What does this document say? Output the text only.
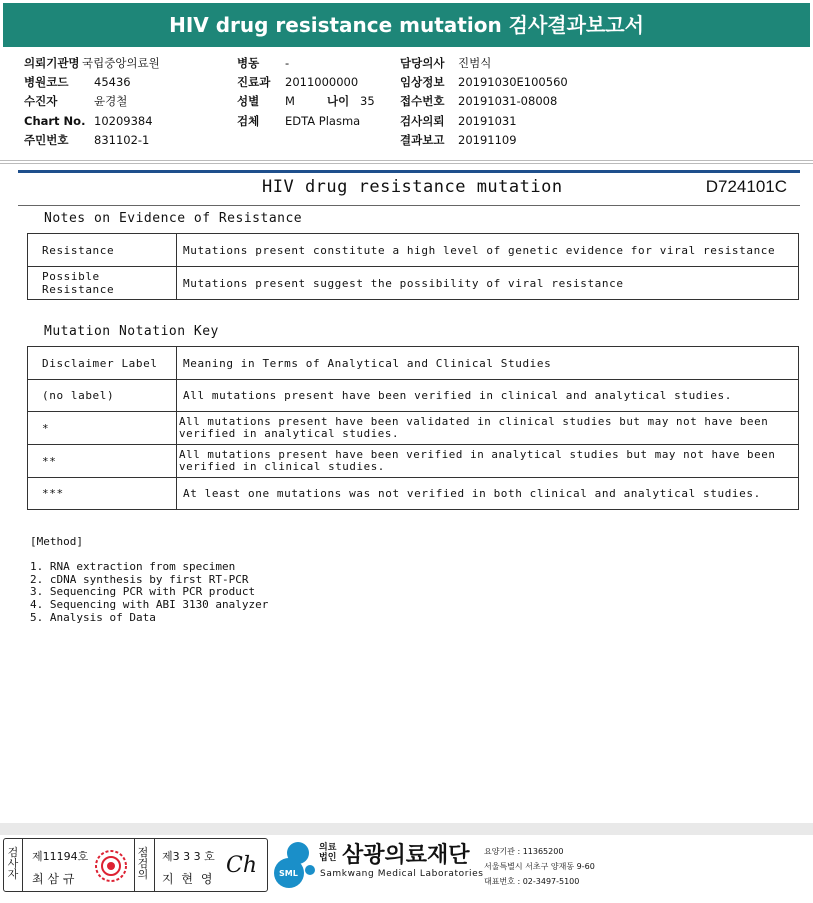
HIV drug resistance mutation 검사결과보고서
의뢰기관명 국립중앙의료원
병원코드 45436
수진자	윤경철
Chart No. 10209384
주민번호 831102-1
병동 -
진료과 2011000000
성별 M	나이 35
검체 EDTA Plasma
담당의사 진범식
임상정보 20191030E100560
접수번호 20191031-08008
검사의뢰 20191031
결과보고 20191109
HIV drug resistance mutation	D724101C
Notes on Evidence of Resistance
Resistance	Mutations present constitute a high level of genetic evidence for viral resistance
Possible Resistance	Mutations present suggest the possibility of viral resistance
Mutation Notation Key
Disclaimer Label	Meaning in Terms of Analytical and Clinical Studies
(no label)	All mutations present have been verified in clinical and analytical studies.
*	All mutations present have been validated in clinical studies but may not have been verified in analytical studies.
**	All mutations present have been verified in analytical studies but may not have been verified in clinical studies.
***	At least one mutations was not verified in both clinical and analytical studies.
[Method]
1. RNA extraction from specimen
2. cDNA synthesis by first RT-PCR
3. Sequencing PCR with PCR product
4. Sequencing with ABI 3130 analyzer
5. Analysis of Data
검사자
제11194호
최 삼 규
점검의
제3 3 3 호
지 현 영
Ch	SML
의료
법인 삼광의료재단
Samkwang Medical Laboratories
요양기관 : 11365200
서울특별시 서초구 양재동 9-60
대표번호 : 02-3497-5100
